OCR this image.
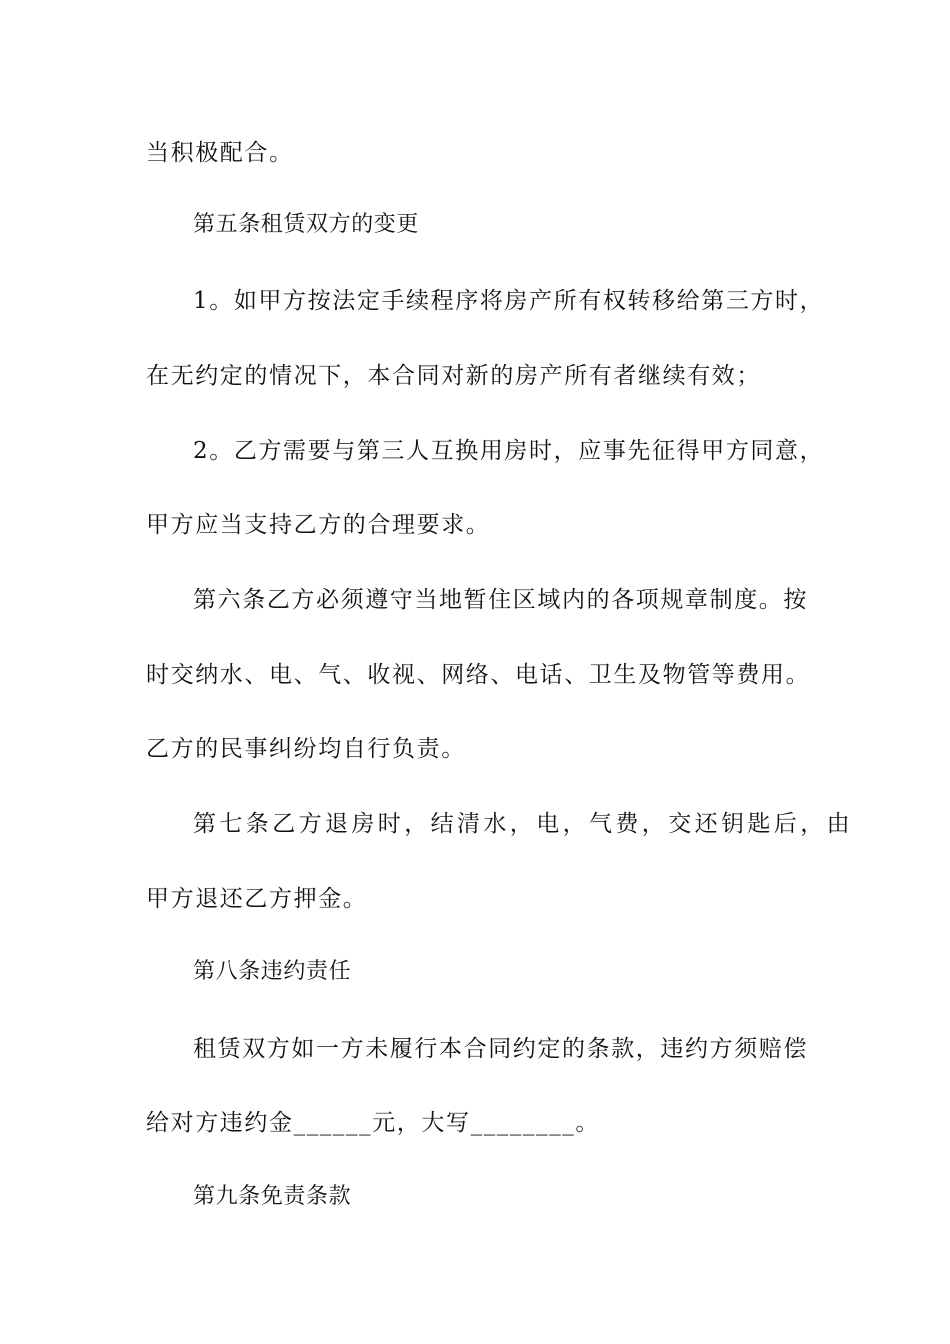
当积极配合。
第五条租赁双方的变更
1。如甲方按法定手续程序将房产所有权转移给第三方时，
在无约定的情况下，本合同对新的房产所有者继续有效；
2。乙方需要与第三人互换用房时，应事先征得甲方同意，
甲方应当支持乙方的合理要求。
第六条乙方必须遵守当地暂住区域内的各项规章制度。按
时交纳水、电、气、收视、网络、电话、卫生及物管等费用。
乙方的民事纠纷均自行负责。
第七条乙方退房时，结清水，电，气费，交还钥匙后，由
甲方退还乙方押金。
第八条违约责任
租赁双方如一方未履行本合同约定的条款，违约方须赔偿
给对方违约金______元，大写________。
第九条免责条款
